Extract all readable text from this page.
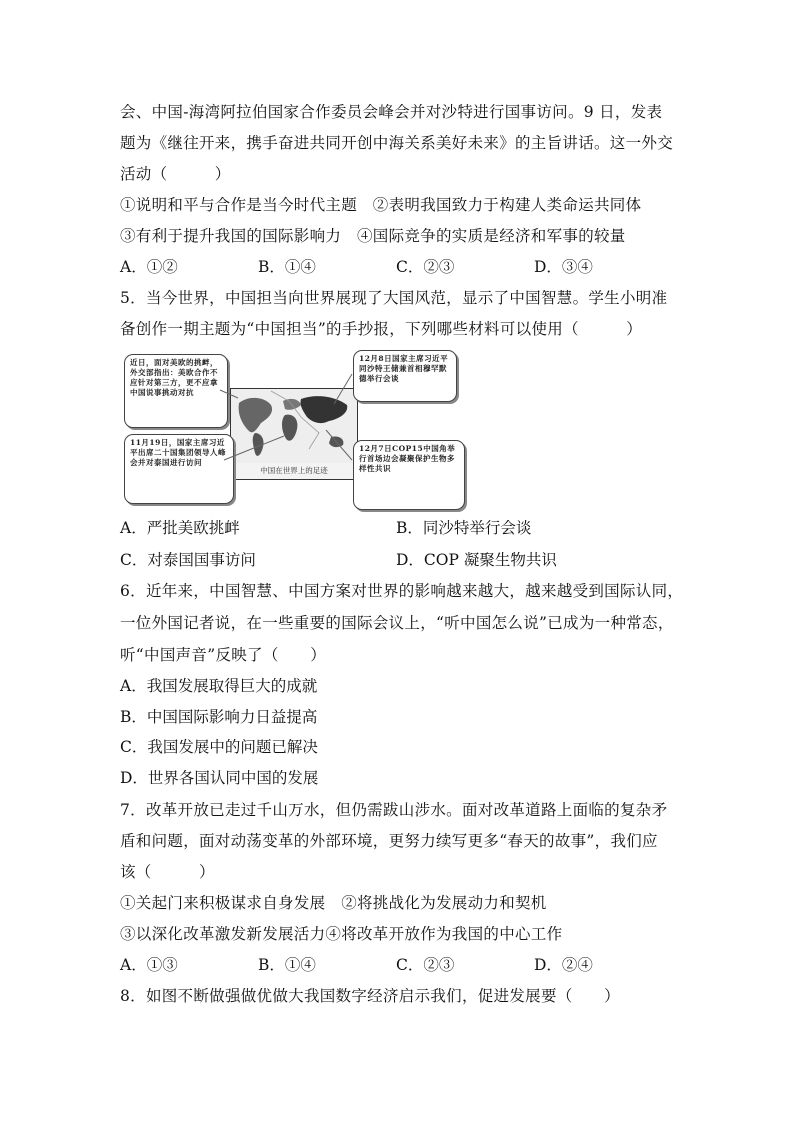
会、中国-海湾阿拉伯国家合作委员会峰会并对沙特进行国事访问。9 日，发表
题为《继往开来，携手奋进共同开创中海关系美好未来》的主旨讲话。这一外交
活动（　　　）
①说明和平与合作是当今时代主题　②表明我国致力于构建人类命运共同体
③有利于提升我国的国际影响力　④国际竞争的实质是经济和军事的较量
A．①②	B．①④	C．②③	D．③④
5．当今世界，中国担当向世界展现了大国风范，显示了中国智慧。学生小明准
备创作一期主题为“中国担当”的手抄报，下列哪些材料可以使用（　　　）
中国在世界上的足迹
近日，面对美欧的挑衅，外交部指出：美欧合作不应针对第三方，更不应拿中国说事挑动对抗
12月8日国家主席习近平同沙特王储兼首相穆罕默德举行会谈
11月19日，国家主席习近平出席二十国集团领导人峰会并对泰国进行访问
12月7日COP15中国角举行首场边会凝聚保护生物多样性共识
A．严批美欧挑衅	B．同沙特举行会谈
C．对泰国国事访问	D．COP 凝聚生物共识
6．近年来，中国智慧、中国方案对世界的影响越来越大，越来越受到国际认同，
一位外国记者说，在一些重要的国际会议上，“听中国怎么说”已成为一种常态，
听“中国声音”反映了（　　）
A．我国发展取得巨大的成就
B．中国国际影响力日益提高
C．我国发展中的问题已解决
D．世界各国认同中国的发展
7．改革开放已走过千山万水，但仍需跋山涉水。面对改革道路上面临的复杂矛
盾和问题，面对动荡变革的外部环境，更努力续写更多“春天的故事”，我们应
该（　　　）
①关起门来积极谋求自身发展　②将挑战化为发展动力和契机
③以深化改革激发新发展活力④将改革开放作为我国的中心工作
A．①③	B．①④	C．②③	D．②④
8．如图不断做强做优做大我国数字经济启示我们，促进发展要（　　）
